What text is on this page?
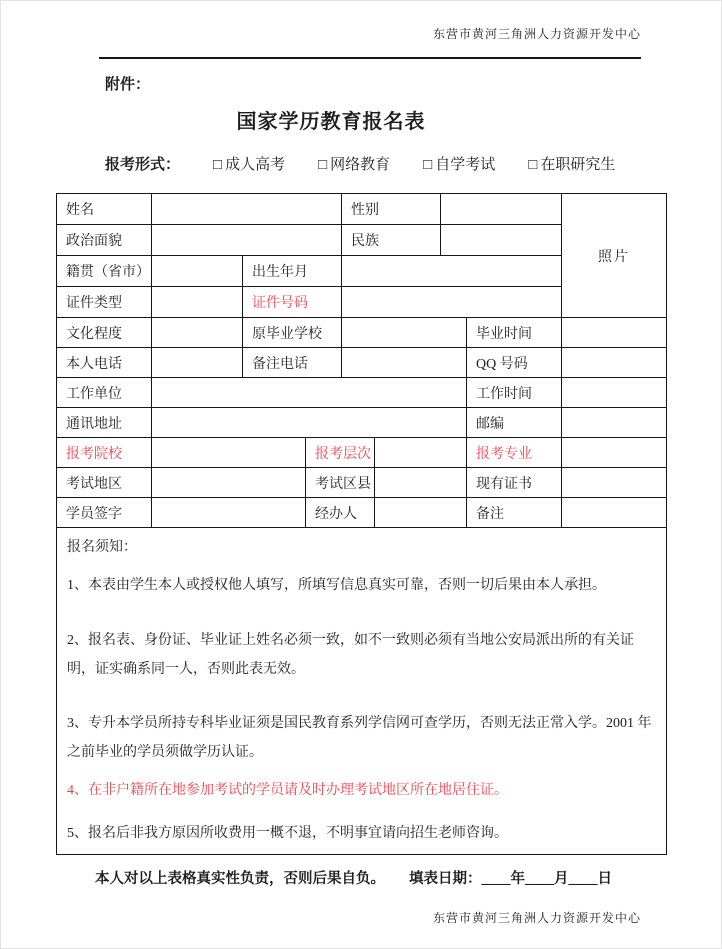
东营市黄河三角洲人力资源开发中心
附件：
国家学历教育报名表
报考形式： □ 成人高考 □ 网络教育 □ 自学考试 □ 在职研究生
姓名				性别				照片
政治面貌				民族				
籍贯（省市）		出生年月						
证件类型		证件号码						
文化程度		原毕业学校					毕业时间	
本人电话		备注电话					QQ 号码	
工作单位							工作时间	
通讯地址							邮编	
报考院校			报考层次				报考专业	
考试地区			考试区县				现有证书	
学员签字			经办人				备注	

报名须知：

1、本表由学生本人或授权他人填写，所填写信息真实可靠，否则一切后果由本人承担。

2、报名表、身份证、毕业证上姓名必须一致，如不一致则必须有当地公安局派出所的有关证明，证实确系同一人，否则此表无效。

3、专升本学员所持专科毕业证须是国民教育系列学信网可查学历，否则无法正常入学。2001 年之前毕业的学员须做学历认证。

4、在非户籍所在地参加考试的学员请及时办理考试地区所在地居住证。

5、报名后非我方原因所收费用一概不退，不明事宜请向招生老师咨询。

本人对以上表格真实性负责，否则后果自负。 填表日期：____年____月____日
东营市黄河三角洲人力资源开发中心
